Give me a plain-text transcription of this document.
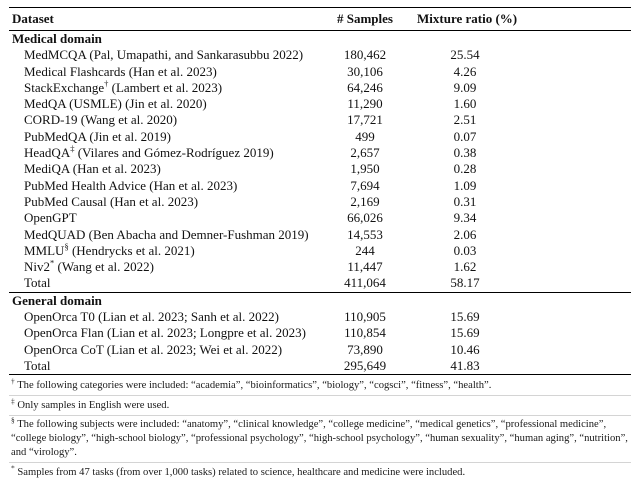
Dataset	# Samples	Mixture ratio (%)	
Medical domain			
MedMCQA (Pal, Umapathi, and Sankarasubbu 2022)	180,462	25.54	
Medical Flashcards (Han et al. 2023)	30,106	4.26	
StackExchange† (Lambert et al. 2023)	64,246	9.09	
MedQA (USMLE) (Jin et al. 2020)	11,290	1.60	
CORD-19 (Wang et al. 2020)	17,721	2.51	
PubMedQA (Jin et al. 2019)	499	0.07	
HeadQA‡ (Vilares and Gómez-Rodríguez 2019)	2,657	0.38	
MediQA (Han et al. 2023)	1,950	0.28	
PubMed Health Advice (Han et al. 2023)	7,694	1.09	
PubMed Causal (Han et al. 2023)	2,169	0.31	
OpenGPT	66,026	9.34	
MedQUAD (Ben Abacha and Demner-Fushman 2019)	14,553	2.06	
MMLU§ (Hendrycks et al. 2021)	244	0.03	
Niv2* (Wang et al. 2022)	11,447	1.62	
Total	411,064	58.17	
General domain			
OpenOrca T0 (Lian et al. 2023; Sanh et al. 2022)	110,905	15.69	
OpenOrca Flan (Lian et al. 2023; Longpre et al. 2023)	110,854	15.69	
OpenOrca CoT (Lian et al. 2023; Wei et al. 2022)	73,890	10.46	
Total	295,649	41.83	
† The following categories were included: “academia”, “bioinformatics”, “biology”, “cogsci”, “fitness”, “health”.
‡ Only samples in English were used.
§ The following subjects were included: “anatomy”, “clinical knowledge”, “college medicine”, “medical genetics”, “professional medicine”, “college biology”, “high-school biology”, “professional psychology”, “high-school psychology”, “human sexuality”, “human aging”, “nutrition”, and “virology”.
* Samples from 47 tasks (from over 1,000 tasks) related to science, healthcare and medicine were included.
